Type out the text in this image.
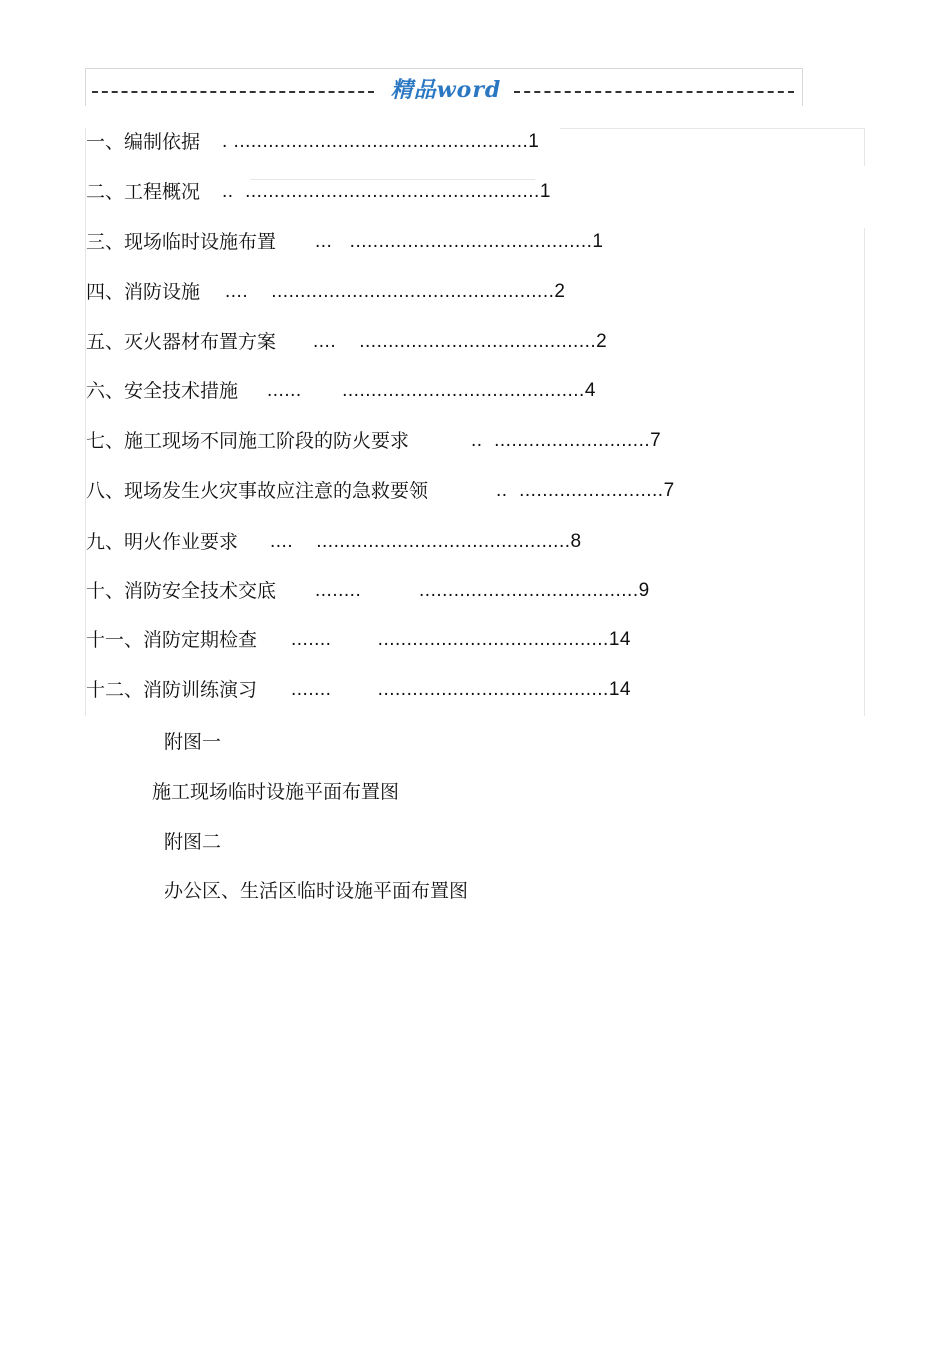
精品word
一、编制依据 . ...................................................1
二、工程概况 ..  ...................................................1
三、现场临时设施布置 ...   ..........................................1
四、消防设施 ....    .................................................2
五、灭火器材布置方案 ....    .........................................2
六、安全技术措施 ......       ..........................................4
七、施工现场不同施工阶段的防火要求	..  ...........................7
八、现场发生火灾事故应注意的急救要领	..  .........................7
九、明火作业要求 ....    ............................................8
十、消防安全技术交底 ........          ......................................9
十一、消防定期检查 .......        ........................................14
十二、消防训练演习 .......        ........................................14
附图一
施工现场临时设施平面布置图
附图二
办公区、生活区临时设施平面布置图
